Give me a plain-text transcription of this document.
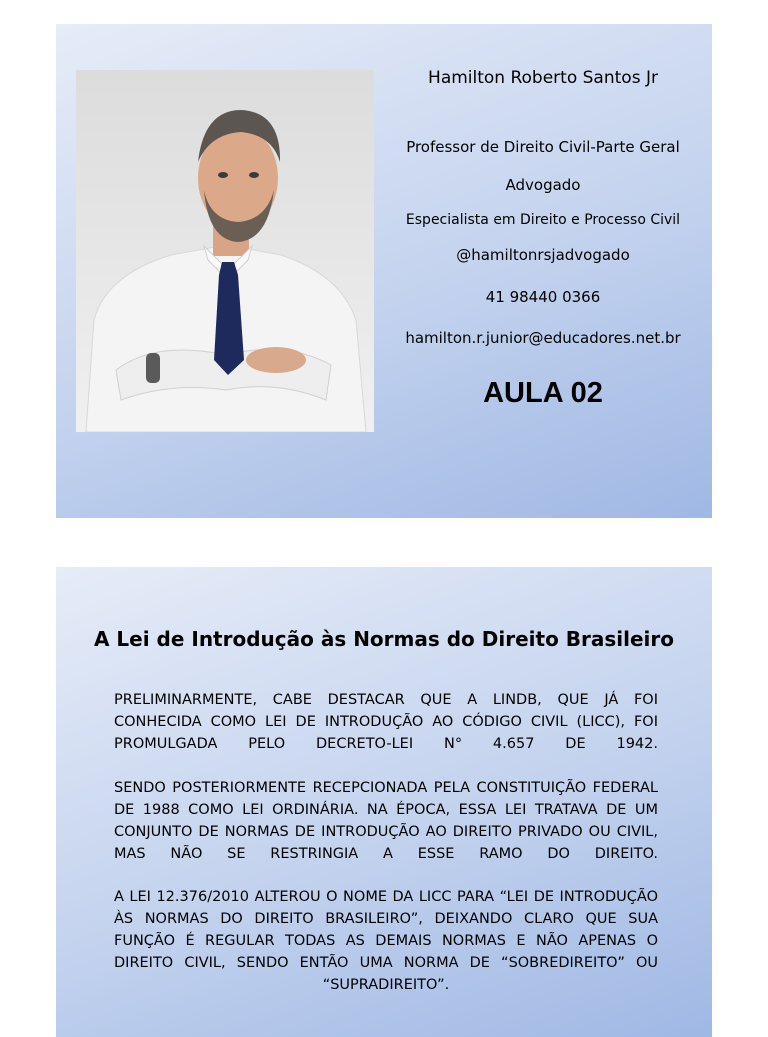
Hamilton Roberto Santos Jr
Professor de Direito Civil-Parte Geral
Advogado
Especialista em Direito e Processo Civil
@hamiltonrsjadvogado
41 98440 0366
hamilton.r.junior@educadores.net.br
AULA 02
A Lei de Introdução às Normas do Direito Brasileiro

PRELIMINARMENTE, CABE DESTACAR QUE A LINDB, QUE JÁ FOI CONHECIDA COMO LEI DE INTRODUÇÃO AO CÓDIGO CIVIL (LICC), FOI PROMULGADA PELO DECRETO-LEI N° 4.657 DE 1942.

SENDO POSTERIORMENTE RECEPCIONADA PELA CONSTITUIÇÃO FEDERAL DE 1988 COMO LEI ORDINÁRIA. NA ÉPOCA, ESSA LEI TRATAVA DE UM CONJUNTO DE NORMAS DE INTRODUÇÃO AO DIREITO PRIVADO OU CIVIL, MAS NÃO SE RESTRINGIA A ESSE RAMO DO DIREITO.

A LEI 12.376/2010 ALTEROU O NOME DA LICC PARA “LEI DE INTRODUÇÃO ÀS NORMAS DO DIREITO BRASILEIRO”, DEIXANDO CLARO QUE SUA FUNÇÃO É REGULAR TODAS AS DEMAIS NORMAS E NÃO APENAS O DIREITO CIVIL, SENDO ENTÃO UMA NORMA DE “SOBREDIREITO” OU “SUPRADIREITO”.
